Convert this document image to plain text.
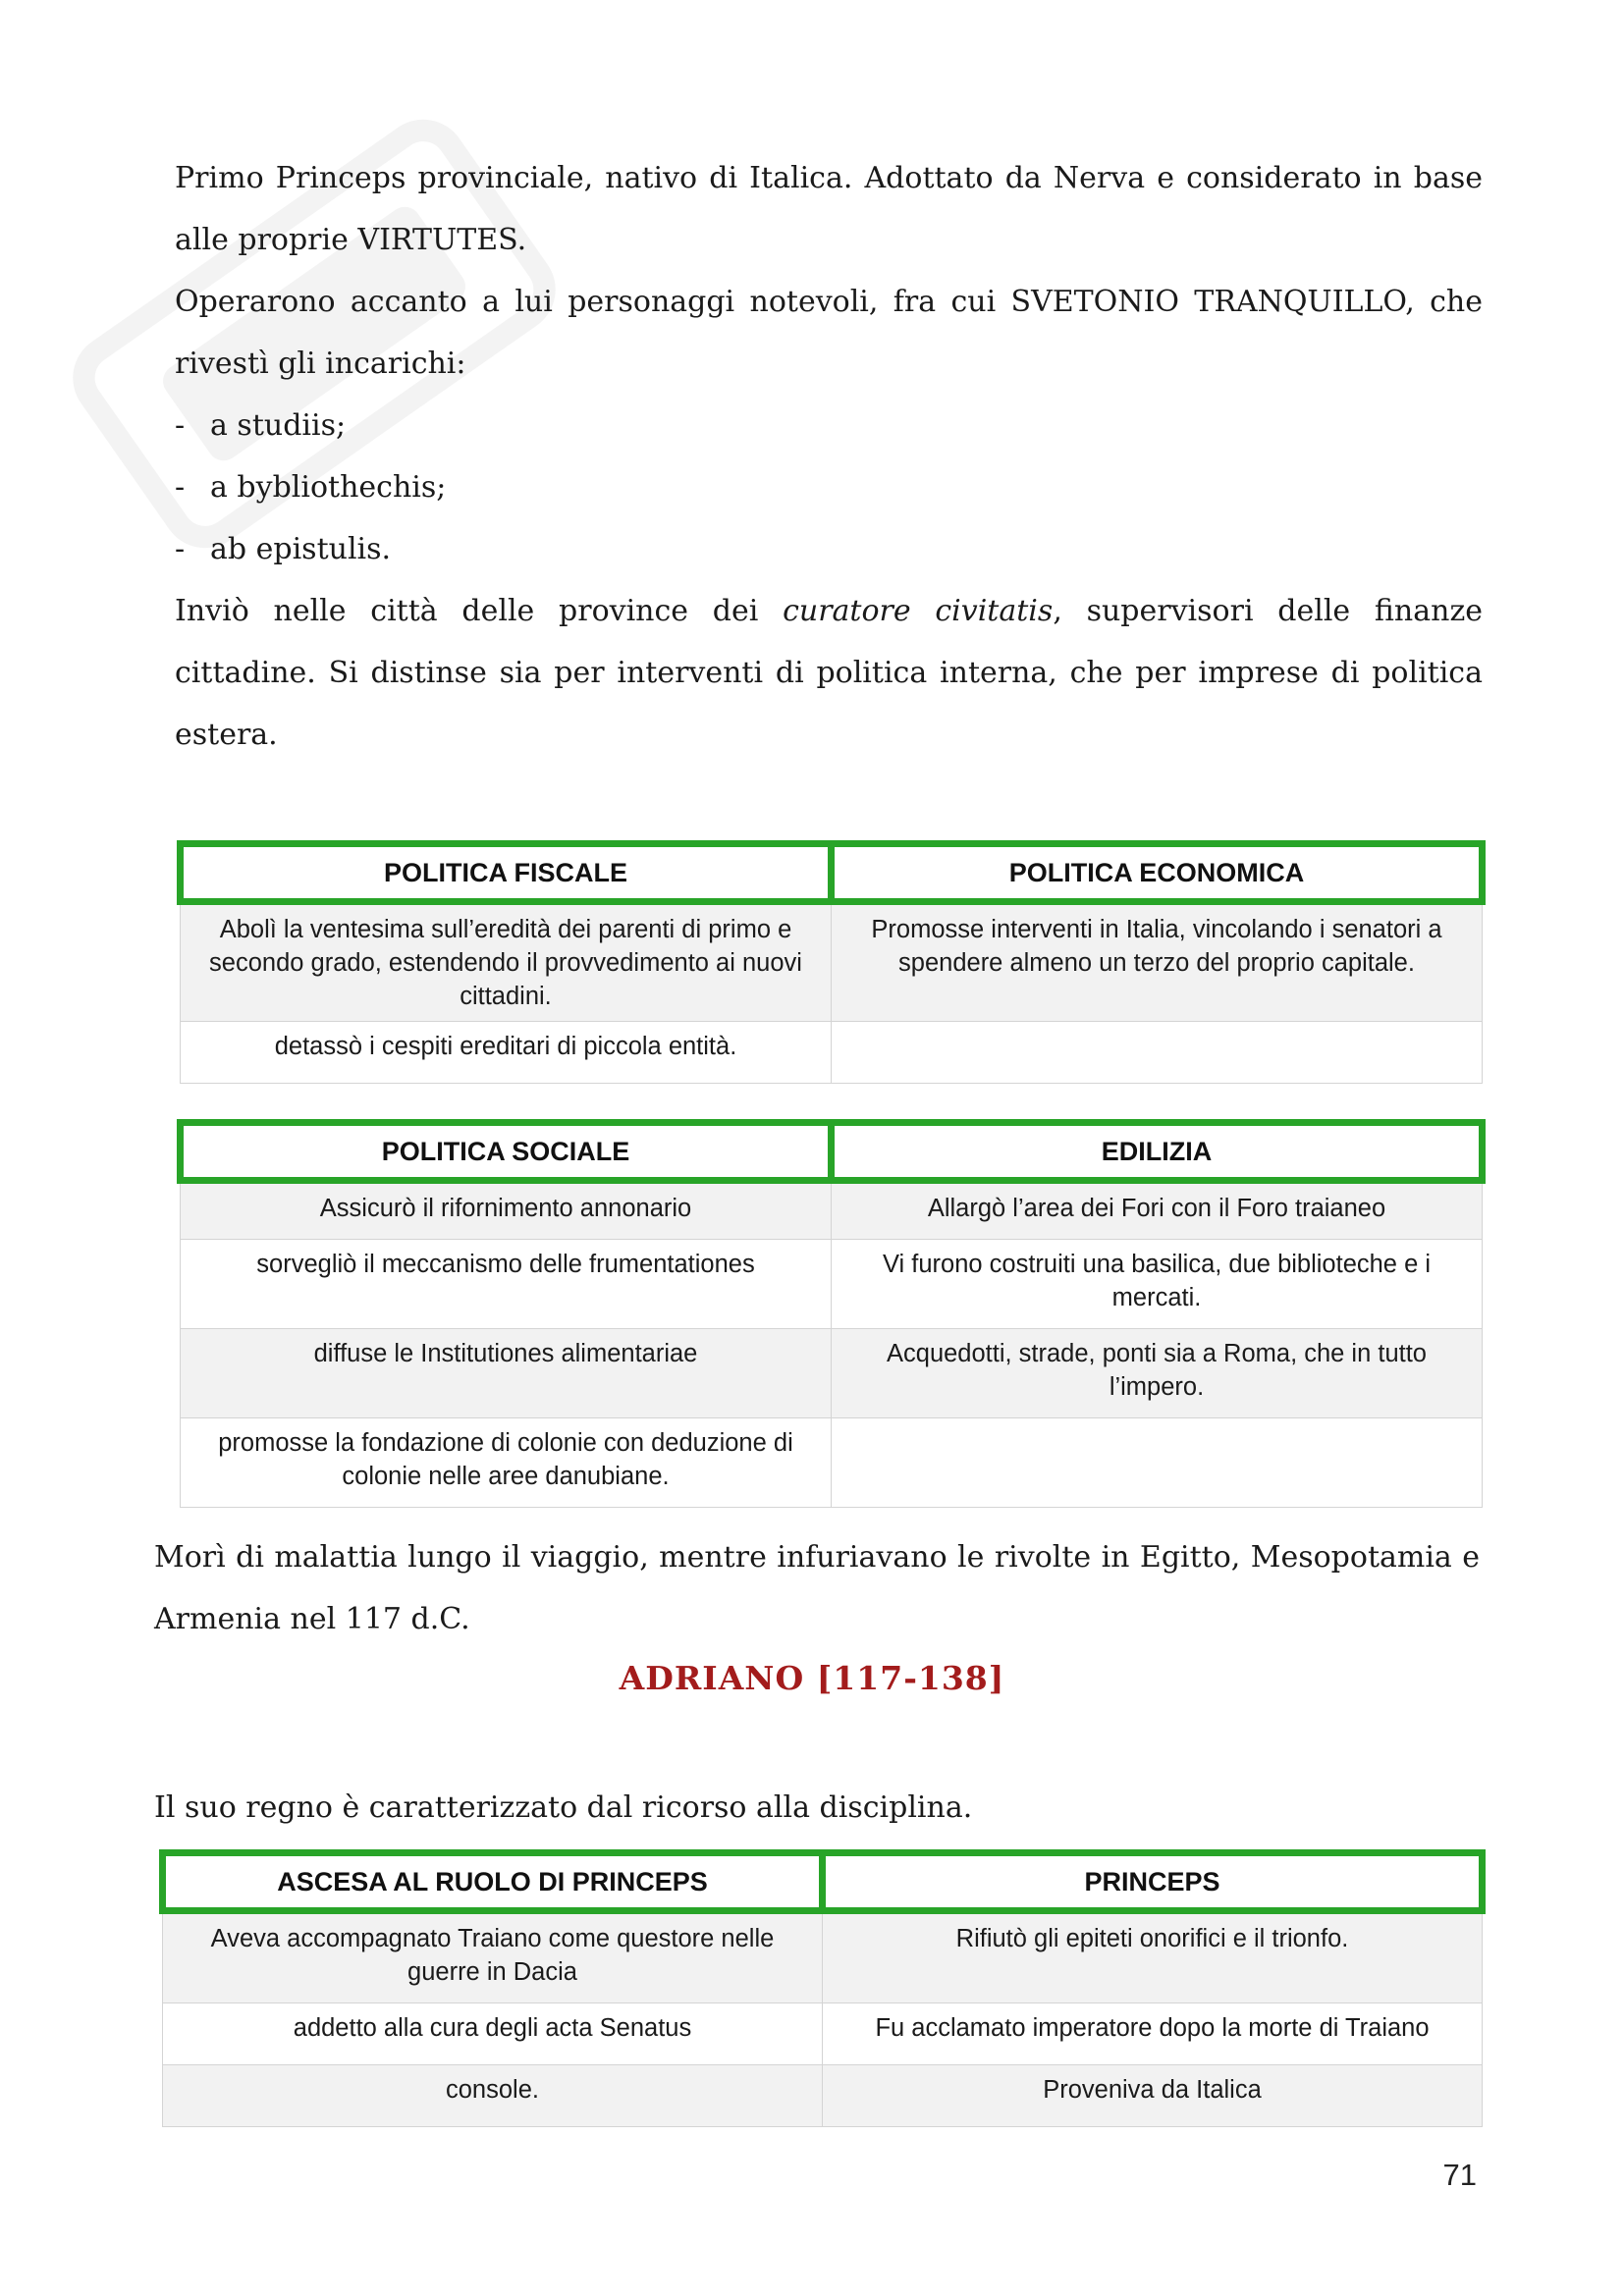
Primo Princeps provinciale, nativo di Italica. Adottato da Nerva e considerato in base alle proprie VIRTUTES.

Operarono accanto a lui personaggi notevoli, fra cui SVETONIO TRANQUILLO, che rivestì gli incarichi:

- a studiis;
- a bybliothechis;
- ab epistulis.

Inviò nelle città delle province dei curatore civitatis, supervisori delle finanze cittadine. Si distinse sia per interventi di politica interna, che per imprese di politica estera.

POLITICA FISCALE	POLITICA ECONOMICA
Abolì la ventesima sull’eredità dei parenti di primo e secondo grado, estendendo il provvedimento ai nuovi cittadini.	Promosse interventi in Italia, vincolando i senatori a spendere almeno un terzo del proprio capitale.
detassò i cespiti ereditari di piccola entità.	
POLITICA SOCIALE	EDILIZIA
Assicurò il rifornimento annonario	Allargò l’area dei Fori con il Foro traianeo
sorvegliò il meccanismo delle frumentationes	Vi furono costruiti una basilica, due biblioteche e i mercati.
diffuse le Institutiones alimentariae	Acquedotti, strade, ponti sia a Roma, che in tutto l’impero.
promosse la fondazione di colonie con deduzione di colonie nelle aree danubiane.	
Morì di malattia lungo il viaggio, mentre infuriavano le rivolte in Egitto, Mesopotamia e Armenia nel 117 d.C.
ADRIANO [117-138]
Il suo regno è caratterizzato dal ricorso alla disciplina.
ASCESA AL RUOLO DI PRINCEPS	PRINCEPS
Aveva accompagnato Traiano come questore nelle guerre in Dacia	Rifiutò gli epiteti onorifici e il trionfo.
addetto alla cura degli acta Senatus	Fu acclamato imperatore dopo la morte di Traiano
console.	Proveniva da Italica
71
